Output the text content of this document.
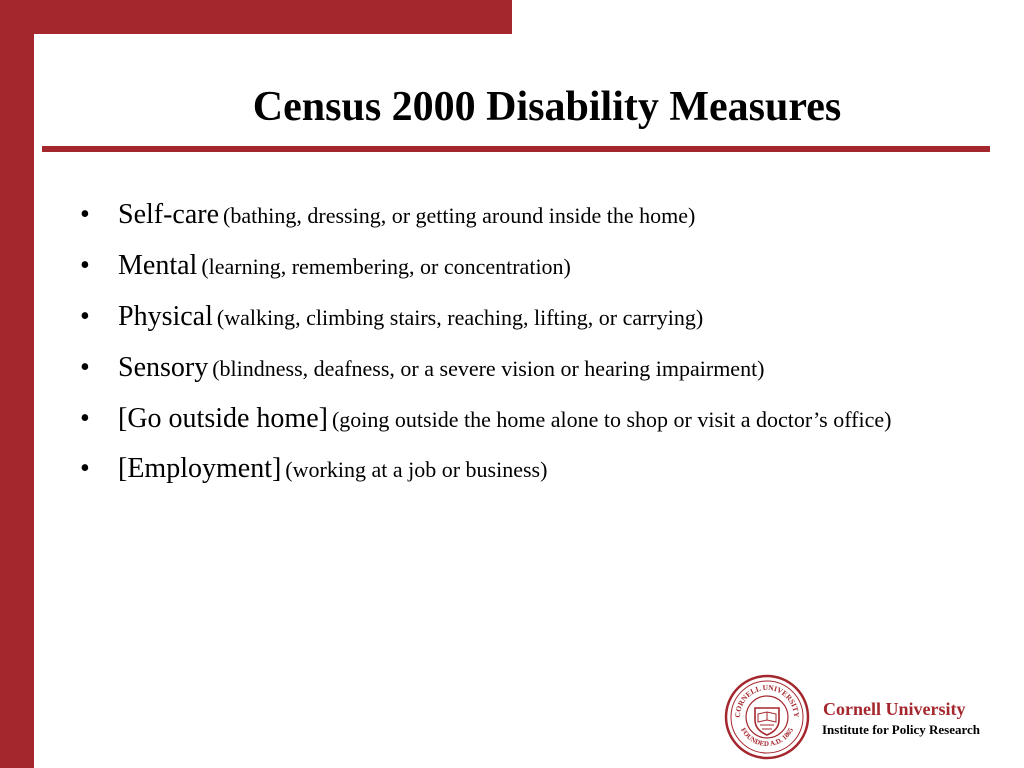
Census 2000 Disability Measures
• Self-care (bathing, dressing, or getting around inside the home)
• Mental (learning, remembering, or concentration)
• Physical (walking, climbing stairs, reaching, lifting, or carrying)
• Sensory (blindness, deafness, or a severe vision or hearing impairment)
• [Go outside home] (going outside the home alone to shop or visit a doctor’s office)
• [Employment] (working at a job or business)
CORNELL UNIVERSITY
FOUNDED A.D. 1865
Cornell University
Institute for Policy Research
